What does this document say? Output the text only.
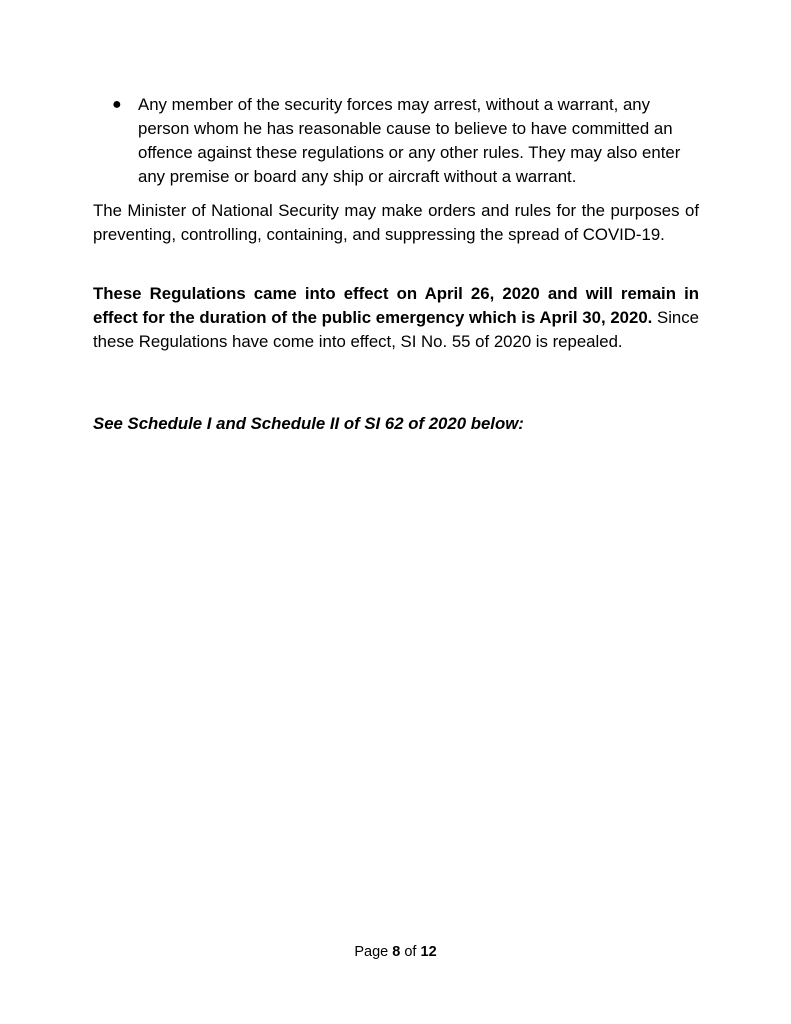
● Any member of the security forces may arrest, without a warrant, any person whom he has reasonable cause to believe to have committed an offence against these regulations or any other rules. They may also enter any premise or board any ship or aircraft without a warrant.

The Minister of National Security may make orders and rules for the purposes of preventing, controlling, containing, and suppressing the spread of COVID-19.

These Regulations came into effect on April 26, 2020 and will remain in effect for the duration of the public emergency which is April 30, 2020. Since these Regulations have come into effect, SI No. 55 of 2020 is repealed.

See Schedule I and Schedule II of SI 62 of 2020 below:

Page 8 of 12
